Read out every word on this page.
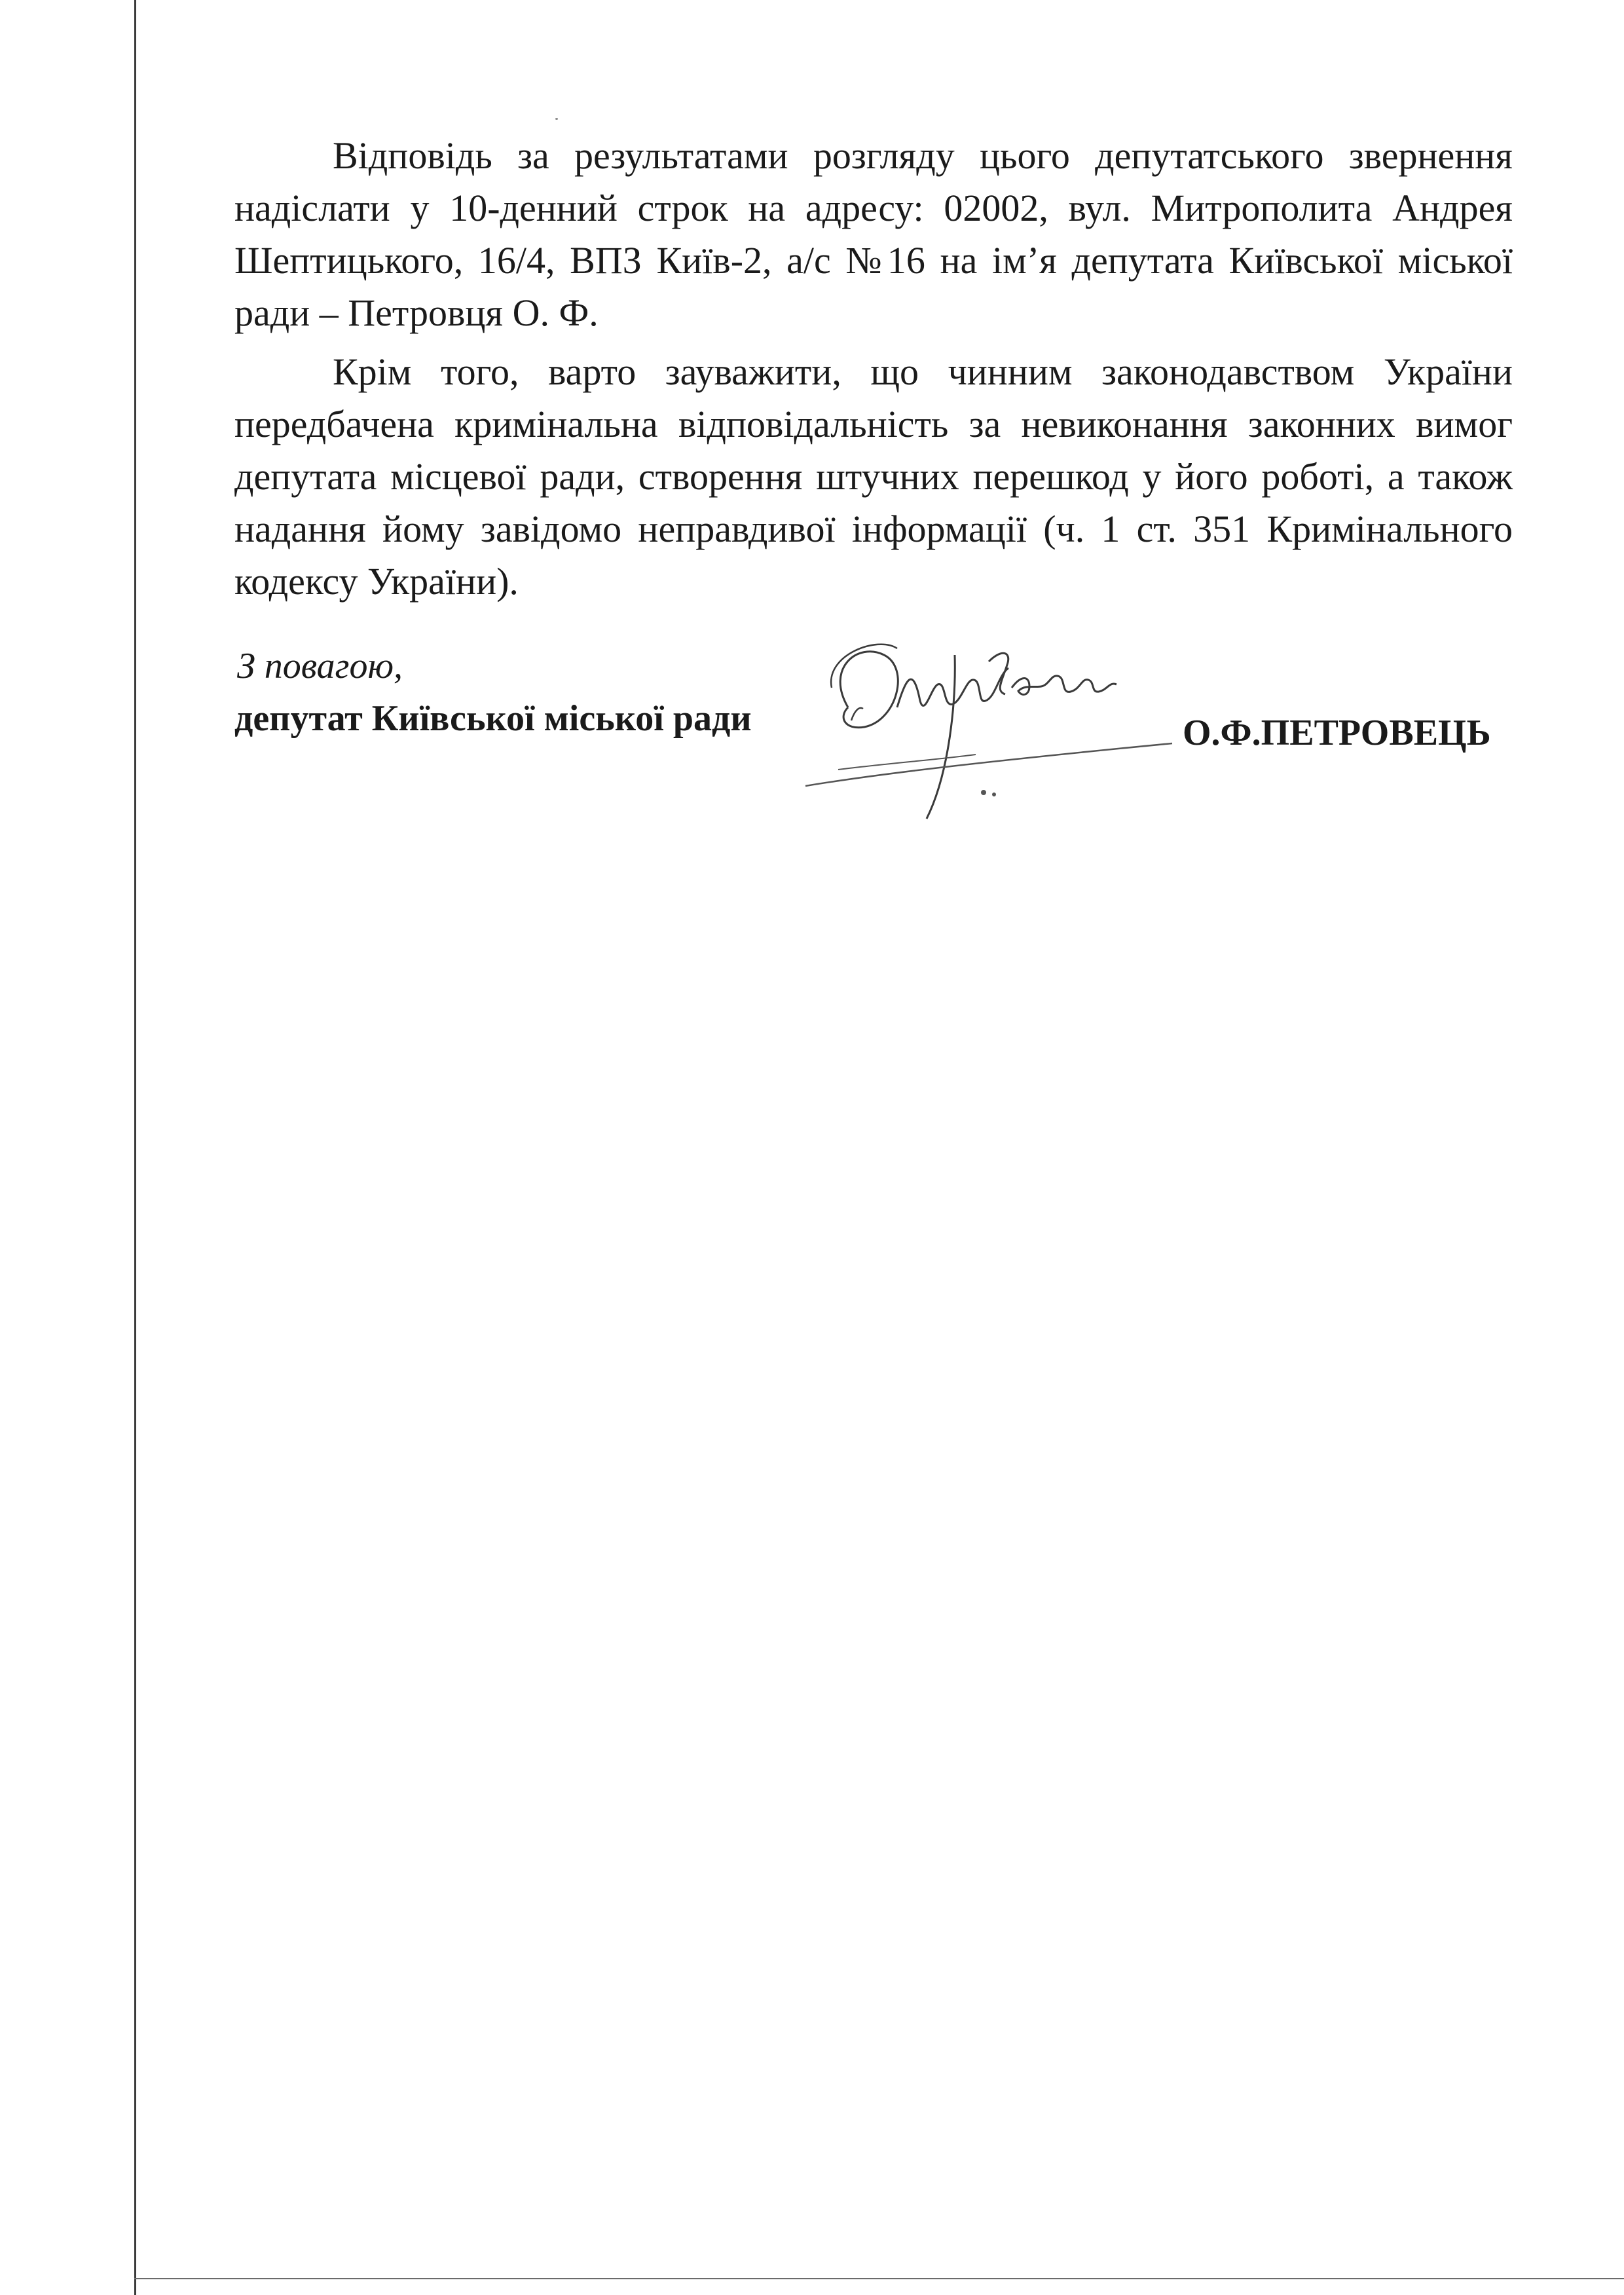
Відповідь за результатами розгляду цього депутатського звернення надіслати у 10-денний строк на адресу: 02002, вул. Митрополита Андрея Шептицького, 16/4, ВПЗ Київ-2, а/с №16 на ім’я депутата Київської міської ради – Петровця О. Ф.

Крім того, варто зауважити, що чинним законодавством України передбачена кримінальна відповідальність за невиконання законних вимог депутата місцевої ради, створення штучних перешкод у його роботі, а також надання йому завідомо неправдивої інформації (ч. 1 ст. 351 Кримінального кодексу України).

З повагою,
депутат Київської міської ради	О.Ф.ПЕТРОВЕЦЬ
